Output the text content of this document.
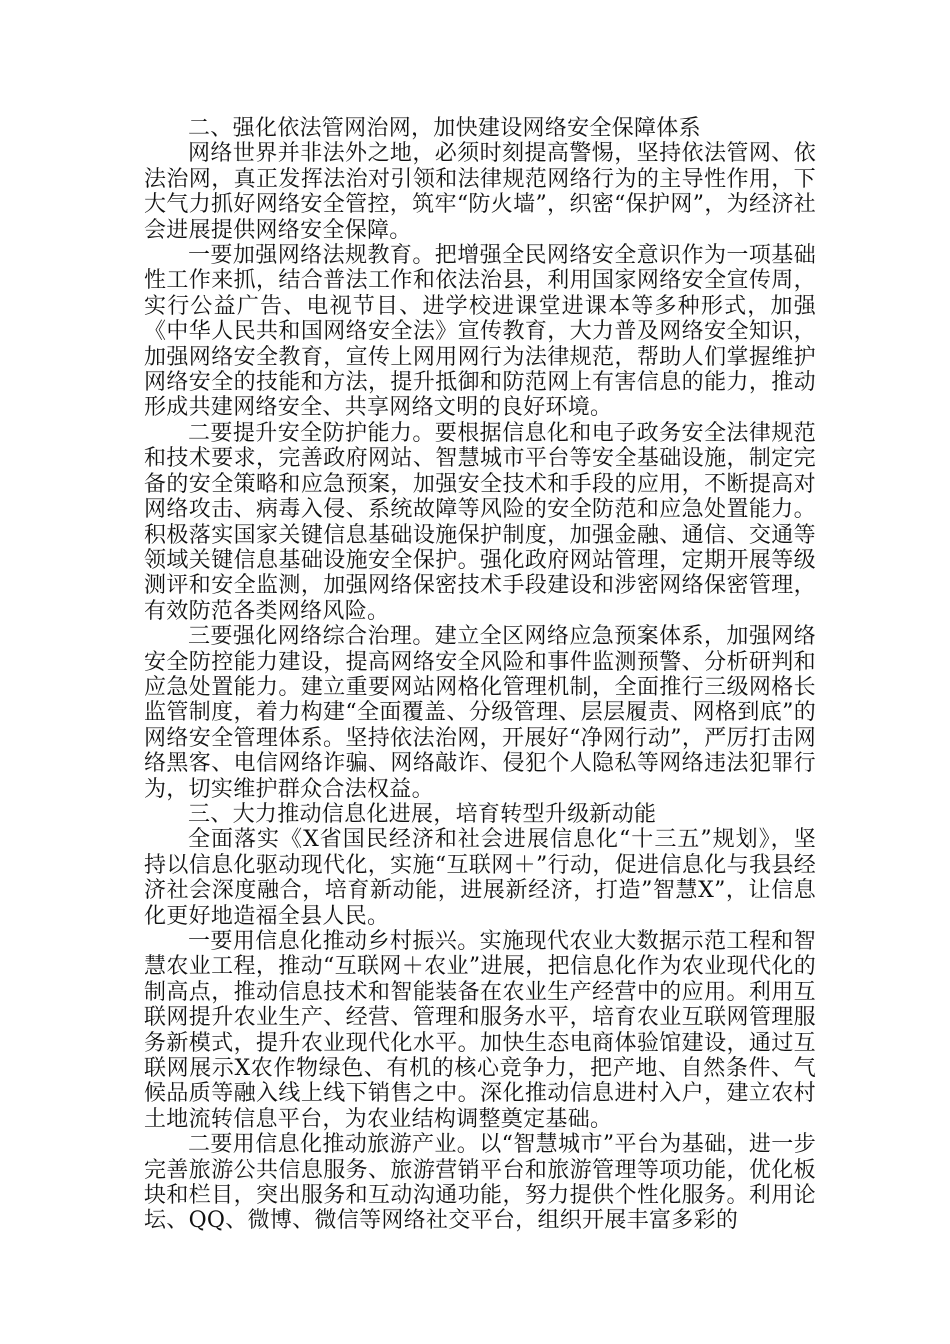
二、强化依法管网治网，加快建设网络安全保障体系

网络世界并非法外之地，必须时刻提高警惕，坚持依法管网、依法治网，真正发挥法治对引领和法律规范网络行为的主导性作用，下大气力抓好网络安全管控，筑牢“防火墙”，织密“保护网”，为经济社会进展提供网络安全保障。

一要加强网络法规教育。把增强全民网络安全意识作为一项基础性工作来抓，结合普法工作和依法治县，利用国家网络安全宣传周，实行公益广告、电视节目、进学校进课堂进课本等多种形式，加强《中华人民共和国网络安全法》宣传教育，大力普及网络安全知识，加强网络安全教育，宣传上网用网行为法律规范，帮助人们掌握维护网络安全的技能和方法，提升抵御和防范网上有害信息的能力，推动形成共建网络安全、共享网络文明的良好环境。

二要提升安全防护能力。要根据信息化和电子政务安全法律规范和技术要求，完善政府网站、智慧城市平台等安全基础设施，制定完备的安全策略和应急预案，加强安全技术和手段的应用，不断提高对网络攻击、病毒入侵、系统故障等风险的安全防范和应急处置能力。积极落实国家关键信息基础设施保护制度，加强金融、通信、交通等领域关键信息基础设施安全保护。强化政府网站管理，定期开展等级测评和安全监测，加强网络保密技术手段建设和涉密网络保密管理，有效防范各类网络风险。

三要强化网络综合治理。建立全区网络应急预案体系，加强网络安全防控能力建设，提高网络安全风险和事件监测预警、分析研判和应急处置能力。建立重要网站网格化管理机制，全面推行三级网格长监管制度，着力构建“全面覆盖、分级管理、层层履责、网格到底”的网络安全管理体系。坚持依法治网，开展好“净网行动”，严厉打击网络黑客、电信网络诈骗、网络敲诈、侵犯个人隐私等网络违法犯罪行为，切实维护群众合法权益。

三、大力推动信息化进展，培育转型升级新动能

全面落实《X省国民经济和社会进展信息化“十三五”规划》，坚持以信息化驱动现代化，实施“互联网＋”行动，促进信息化与我县经济社会深度融合，培育新动能，进展新经济，打造”智慧X”，让信息化更好地造福全县人民。

一要用信息化推动乡村振兴。实施现代农业大数据示范工程和智慧农业工程，推动“互联网＋农业”进展，把信息化作为农业现代化的制高点，推动信息技术和智能装备在农业生产经营中的应用。利用互联网提升农业生产、经营、管理和服务水平，培育农业互联网管理服务新模式，提升农业现代化水平。加快生态电商体验馆建设，通过互联网展示X农作物绿色、有机的核心竞争力，把产地、自然条件、气候品质等融入线上线下销售之中。深化推动信息进村入户，建立农村土地流转信息平台，为农业结构调整奠定基础。

二要用信息化推动旅游产业。以“智慧城市”平台为基础，进一步完善旅游公共信息服务、旅游营销平台和旅游管理等项功能，优化板块和栏目，突出服务和互动沟通功能，努力提供个性化服务。利用论坛、QQ、微博、微信等网络社交平台，组织开展丰富多彩的
